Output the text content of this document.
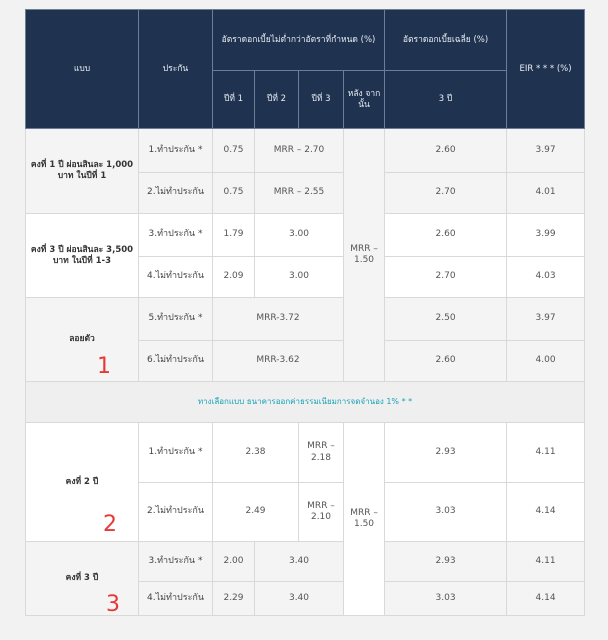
แบบ	ประกัน	อัตราดอกเบี้ยไม่ต่ำกว่าอัตราที่กำหนด (%)				อัตราดอกเบี้ยเฉลี่ย (%)	EIR * * * (%)
		ปีที่ 1	ปีที่ 2	ปีที่ 3	หลัง จากนั้น	3 ปี	
คงที่ 1 ปี ผ่อนสินละ 1,000 บาท ในปีที่ 1	1.ทำประกัน *	0.75	MRR – 2.70		MRR – 1.50	2.60	3.97
	2.ไม่ทำประกัน	0.75	MRR – 2.55			2.70	4.01
คงที่ 3 ปี ผ่อนสินละ 3,500 บาท ในปีที่ 1-3	3.ทำประกัน *	1.79	3.00			2.60	3.99
	4.ไม่ทำประกัน	2.09	3.00			2.70	4.03
ลอยตัว	5.ทำประกัน *	MRR-3.72				2.50	3.97
	6.ไม่ทำประกัน	MRR-3.62				2.60	4.00
ทางเลือกแบบ ธนาคารออกค่าธรรมเนียมการจดจำนอง 1% * *							
คงที่ 2 ปี	1.ทำประกัน *	2.38		MRR – 2.18	MRR – 1.50	2.93	4.11
	2.ไม่ทำประกัน	2.49		MRR – 2.10		3.03	4.14
คงที่ 3 ปี	3.ทำประกัน *	2.00	3.40			2.93	4.11
	4.ไม่ทำประกัน	2.29	3.40			3.03	4.14
1
2
3
